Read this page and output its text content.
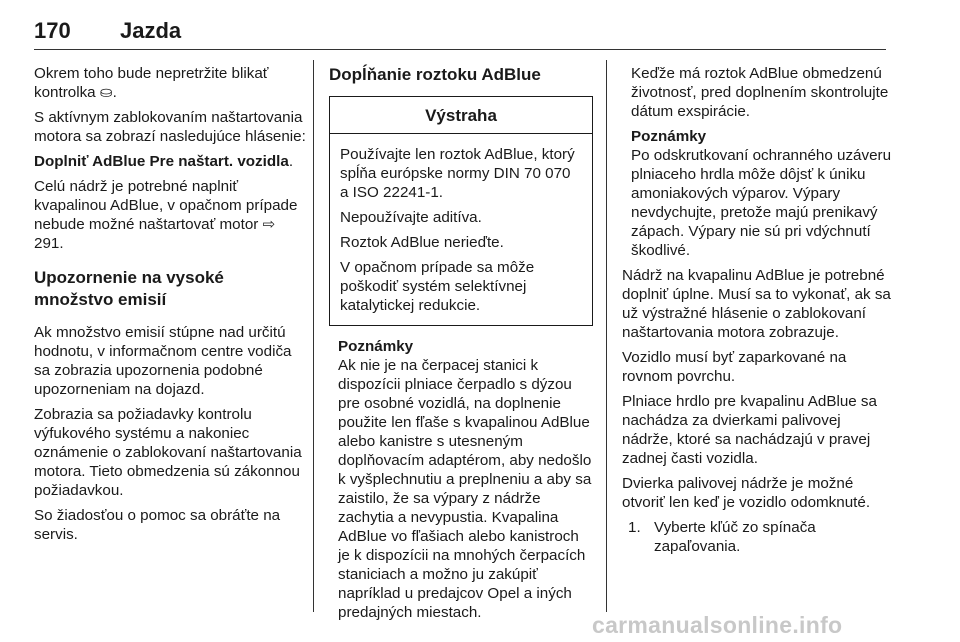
170 Jazda

Okrem toho bude nepretržite blikať kontrolka ⛀.

S aktívnym zablokovaním naštartovania motora sa zobrazí nasledujúce hlásenie:

Doplniť AdBlue Pre naštart. vozidla.

Celú nádrž je potrebné naplniť kvapalinou AdBlue, v opačnom prípade nebude možné naštartovať motor ⇨ 291.

Upozornenie na vysoké množstvo emisií

Ak množstvo emisií stúpne nad určitú hodnotu, v informačnom centre vodiča sa zobrazia upozornenia podobné upozorneniam na dojazd.

Zobrazia sa požiadavky kontrolu výfukového systému a nakoniec oznámenie o zablokovaní naštartovania motora. Tieto obmedzenia sú zákonnou požiadavkou.

So žiadosťou o pomoc sa obráťte na servis.

Dopĺňanie roztoku AdBlue
Výstraha

Používajte len roztok AdBlue, ktorý spĺňa európske normy DIN 70 070 a ISO 22241-1.

Nepoužívajte aditíva.

Roztok AdBlue nerieďte.

V opačnom prípade sa môže poškodiť systém selektívnej katalytickej redukcie.

Poznámky
Ak nie je na čerpacej stanici k dispozícii plniace čerpadlo s dýzou pre osobné vozidlá, na doplnenie použite len fľaše s kvapalinou AdBlue alebo kanistre s utesneným doplňovacím adaptérom, aby nedošlo k vyšplechnutiu a preplneniu a aby sa zaistilo, že sa výpary z nádrže zachytia a nevypustia. Kvapalina AdBlue vo fľašiach alebo kanistroch je k dispozícii na mnohých čerpacích staniciach a možno ju zakúpiť napríklad u predajcov Opel a iných predajných miestach.

Keďže má roztok AdBlue obmedzenú životnosť, pred doplnením skontrolujte dátum exspirácie.

Poznámky

Po odskrutkovaní ochranného uzáveru plniaceho hrdla môže dôjsť k úniku amoniakových výparov. Výpary nevdychujte, pretože majú prenikavý zápach. Výpary nie sú pri vdýchnutí škodlivé.

Nádrž na kvapalinu AdBlue je potrebné doplniť úplne. Musí sa to vykonať, ak sa už výstražné hlásenie o zablokovaní naštartovania motora zobrazuje.

Vozidlo musí byť zaparkované na rovnom povrchu.

Plniace hrdlo pre kvapalinu AdBlue sa nachádza za dvierkami palivovej nádrže, ktoré sa nachádzajú v pravej zadnej časti vozidla.

Dvierka palivovej nádrže je možné otvoriť len keď je vozidlo odomknuté.

1. Vyberte kľúč zo spínača zapaľovania.
carmanualsonline.info
